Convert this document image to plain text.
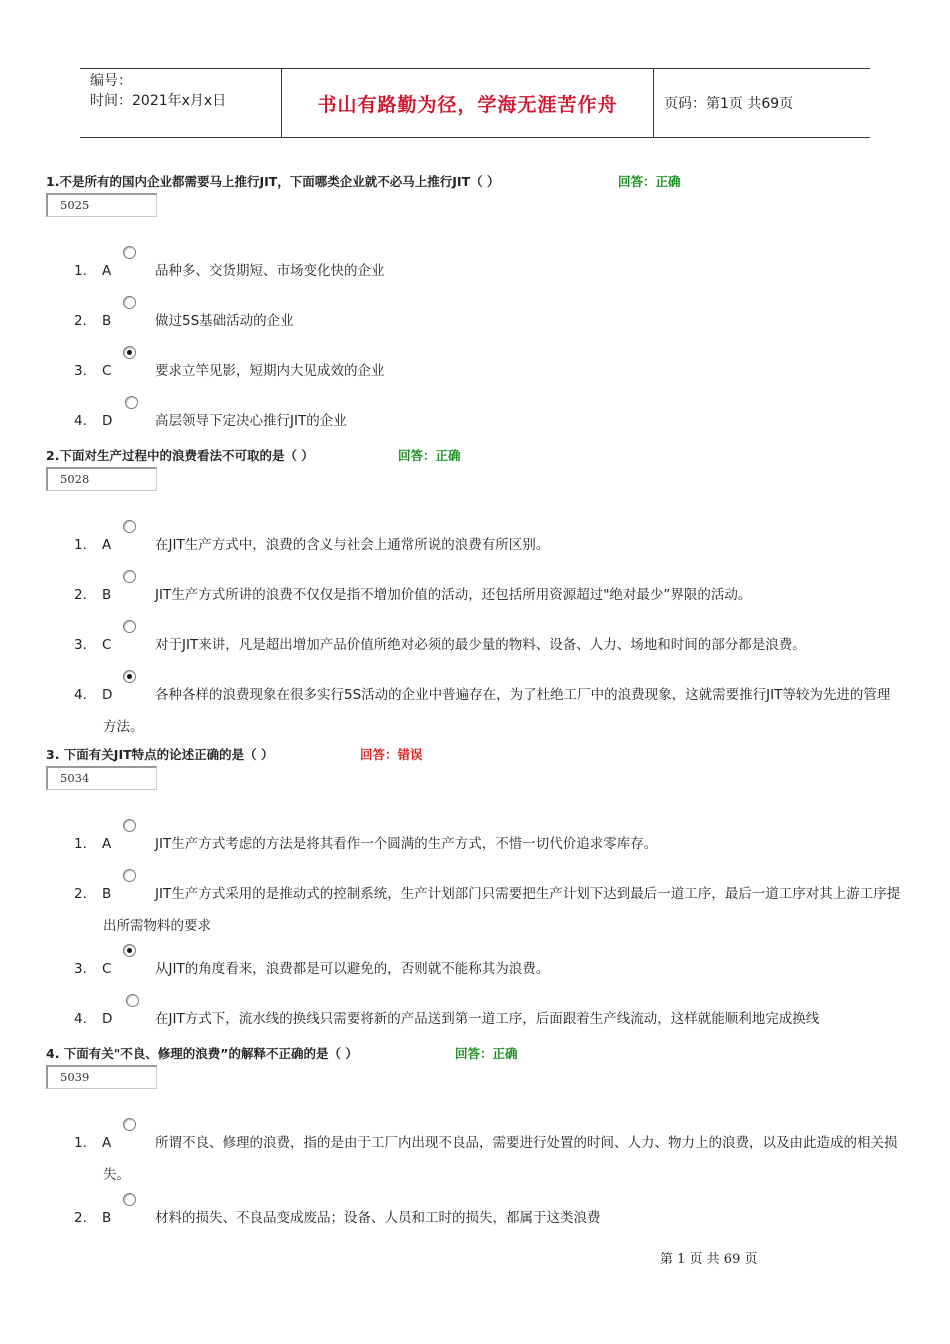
编号：
时间：2021年x月x日	书山有路勤为径，学海无涯苦作舟	页码：第1页 共69页
1.不是所有的国内企业都需要马上推行JIT，下面哪类企业就不必马上推行JIT（ ）	回答：正确
5025
1. A	品种多、交货期短、市场变化快的企业
2. B	做过5S基础活动的企业
3. C	要求立竿见影，短期内大见成效的企业
4. D	高层领导下定决心推行JIT的企业
2.下面对生产过程中的浪费看法不可取的是（ ）	回答：正确
5028
1. A	在JIT生产方式中，浪费的含义与社会上通常所说的浪费有所区别。
2. B	JIT生产方式所讲的浪费不仅仅是指不增加价值的活动，还包括所用资源超过"绝对最少”界限的活动。
3. C	对于JIT来讲，凡是超出增加产品价值所绝对必须的最少量的物料、设备、人力、场地和时间的部分都是浪费。
4. D	各种各样的浪费现象在很多实行5S活动的企业中普遍存在，为了杜绝工厂中的浪费现象，这就需要推行JIT等较为先进的管理方法。
3. 下面有关JIT特点的论述正确的是（ ）	回答：错误
5034
1. A	JIT生产方式考虑的方法是将其看作一个圆满的生产方式，不惜一切代价追求零库存。
2. B	JIT生产方式采用的是推动式的控制系统，生产计划部门只需要把生产计划下达到最后一道工序，最后一道工序对其上游工序提出所需物料的要求
3. C	从JIT的角度看来，浪费都是可以避免的，否则就不能称其为浪费。
4. D	在JIT方式下，流水线的换线只需要将新的产品送到第一道工序，后面跟着生产线流动，这样就能顺利地完成换线
4. 下面有关"不良、修理的浪费”的解释不正确的是（ ）	回答：正确
5039
1. A	所谓不良、修理的浪费，指的是由于工厂内出现不良品，需要进行处置的时间、人力、物力上的浪费，以及由此造成的相关损失。
2. B	材料的损失、不良品变成废品；设备、人员和工时的损失，都属于这类浪费
第 1 页 共 69 页
